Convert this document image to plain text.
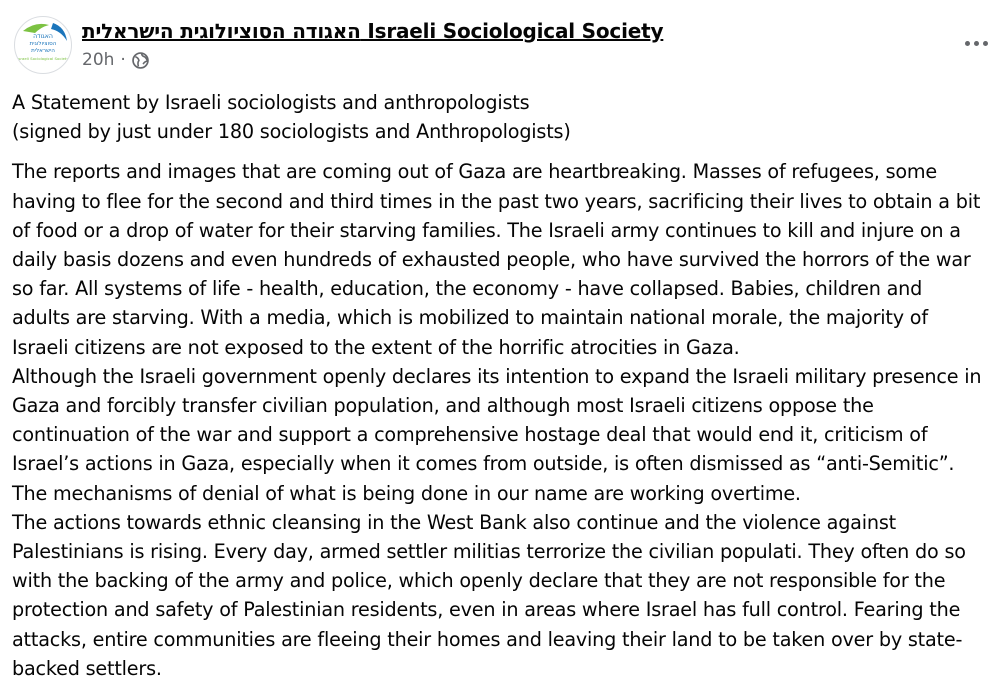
האגודה
הסוציולוגית
הישראלית
Israeli Sociological Society
האגודה הסוציולוגית הישראלית Israeli Sociological Society
20h ·
A Statement by Israeli sociologists and anthropologists
(signed by just under 180 sociologists and Anthropologists)
The reports and images that are coming out of Gaza are heartbreaking. Masses of refugees, some
having to flee for the second and third times in the past two years, sacrificing their lives to obtain a bit
of food or a drop of water for their starving families. The Israeli army continues to kill and injure on a
daily basis dozens and even hundreds of exhausted people, who have survived the horrors of the war
so far. All systems of life - health, education, the economy - have collapsed. Babies, children and
adults are starving. With a media, which is mobilized to maintain national morale, the majority of
Israeli citizens are not exposed to the extent of the horrific atrocities in Gaza.
Although the Israeli government openly declares its intention to expand the Israeli military presence in
Gaza and forcibly transfer civilian population, and although most Israeli citizens oppose the
continuation of the war and support a comprehensive hostage deal that would end it, criticism of
Israel’s actions in Gaza, especially when it comes from outside, is often dismissed as “anti-Semitic”.
The mechanisms of denial of what is being done in our name are working overtime.
The actions towards ethnic cleansing in the West Bank also continue and the violence against
Palestinians is rising. Every day, armed settler militias terrorize the civilian populati. They often do so
with the backing of the army and police, which openly declare that they are not responsible for the
protection and safety of Palestinian residents, even in areas where Israel has full control. Fearing the
attacks, entire communities are fleeing their homes and leaving their land to be taken over by state-
backed settlers.
